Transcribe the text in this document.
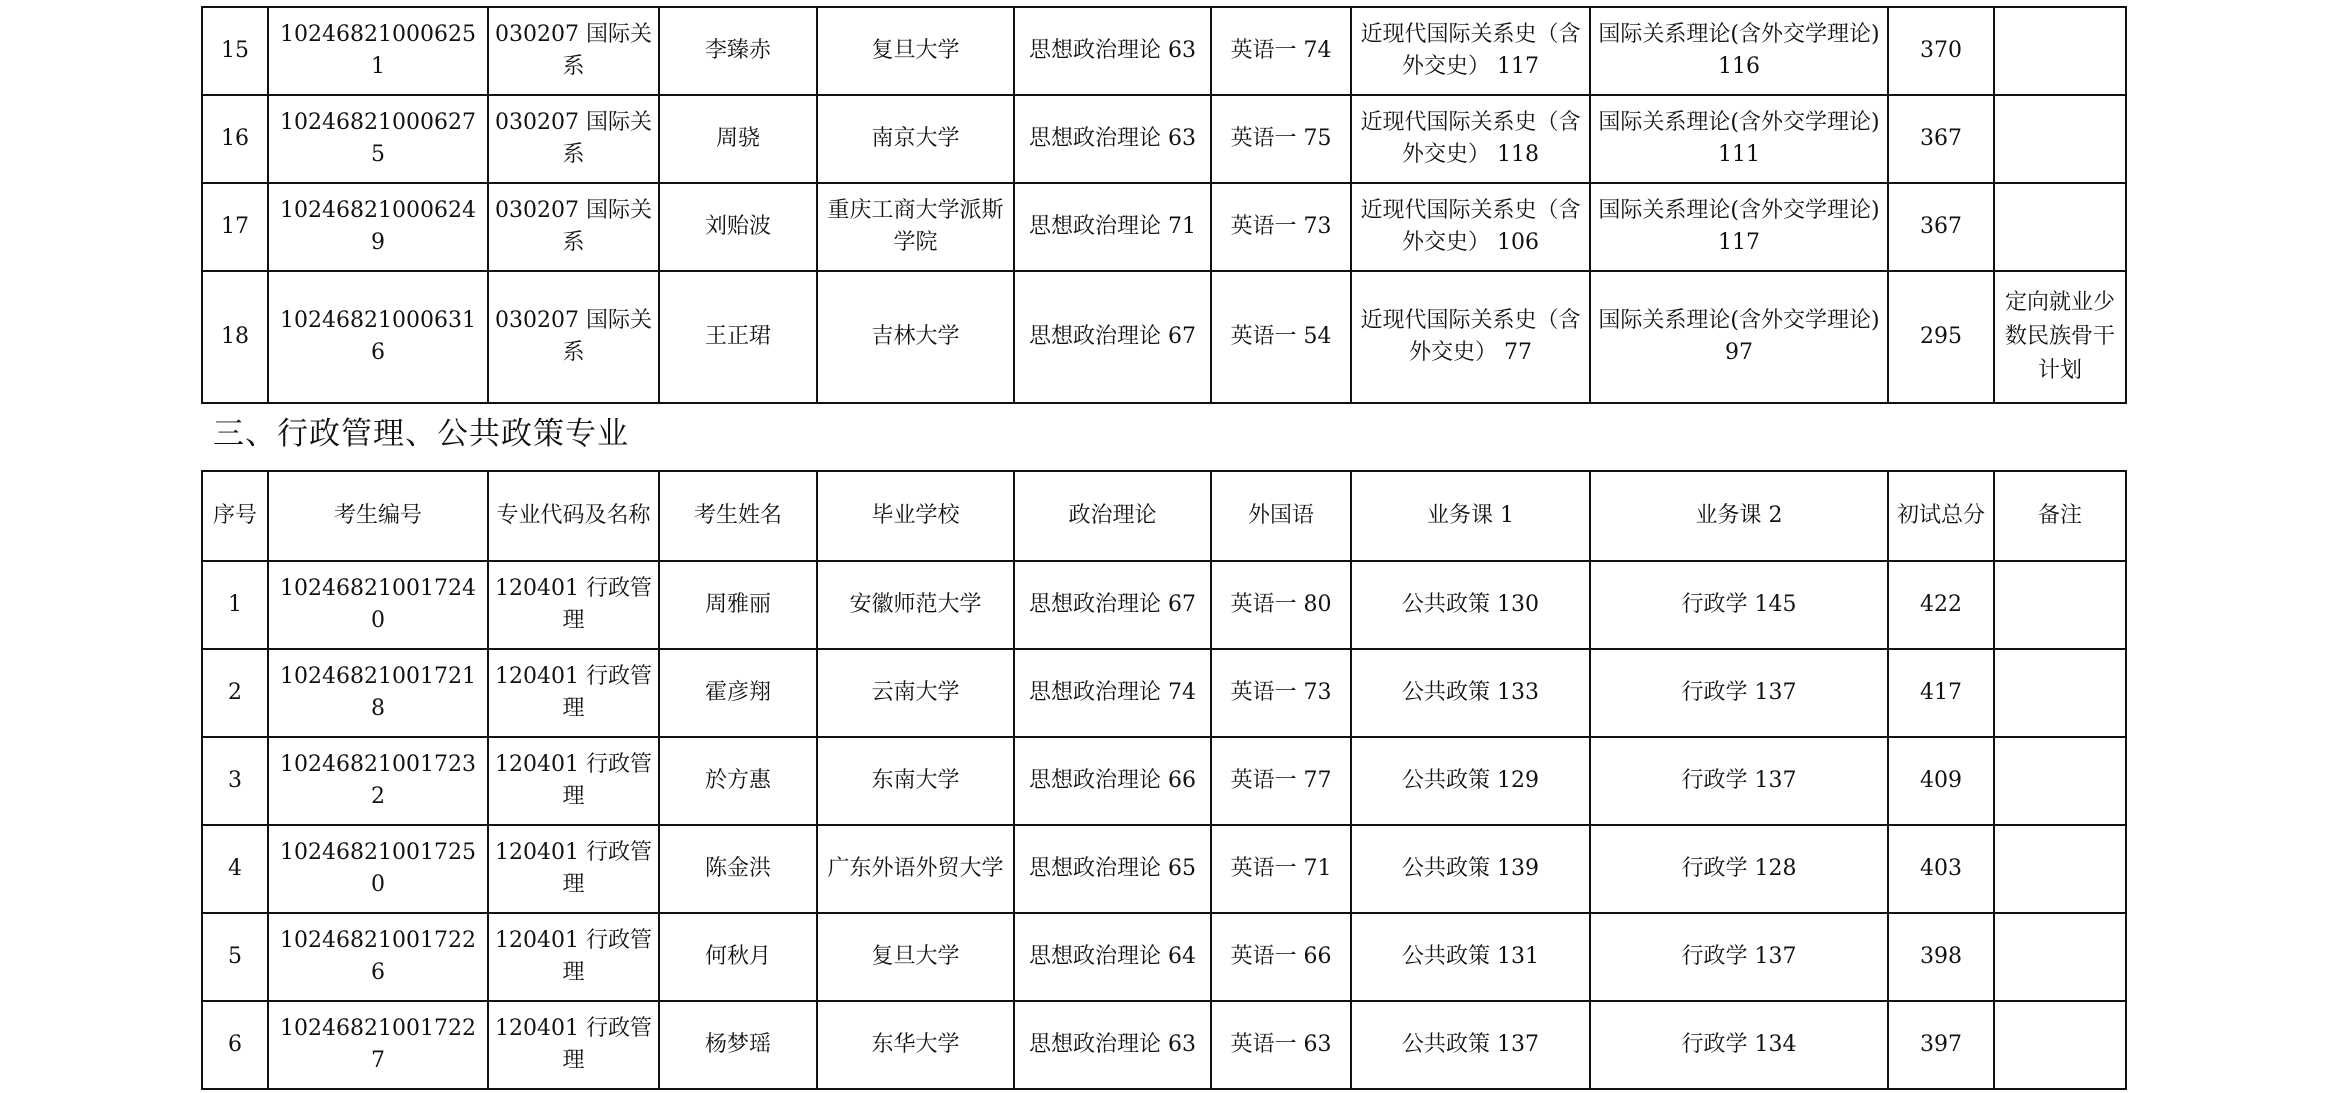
15	102468210006251	030207 国际关系	李臻赤	复旦大学	思想政治理论 63	英语一 74	近现代国际关系史（含外交史） 117	国际关系理论(含外交学理论) 116	370	
16	102468210006275	030207 国际关系	周骁	南京大学	思想政治理论 63	英语一 75	近现代国际关系史（含外交史） 118	国际关系理论(含外交学理论) 111	367	
17	102468210006249	030207 国际关系	刘贻波	重庆工商大学派斯学院	思想政治理论 71	英语一 73	近现代国际关系史（含外交史） 106	国际关系理论(含外交学理论) 117	367	
18	102468210006316	030207 国际关系	王正珺	吉林大学	思想政治理论 67	英语一 54	近现代国际关系史（含外交史） 77	国际关系理论(含外交学理论) 97	295	定向就业少数民族骨干计划
三、行政管理、公共政策专业
序号	考生编号	专业代码及名称	考生姓名	毕业学校	政治理论	外国语	业务课 1	业务课 2	初试总分	备注
1	102468210017240	120401 行政管理	周雅丽	安徽师范大学	思想政治理论 67	英语一 80	公共政策 130	行政学 145	422	
2	102468210017218	120401 行政管理	霍彦翔	云南大学	思想政治理论 74	英语一 73	公共政策 133	行政学 137	417	
3	102468210017232	120401 行政管理	於方惠	东南大学	思想政治理论 66	英语一 77	公共政策 129	行政学 137	409	
4	102468210017250	120401 行政管理	陈金洪	广东外语外贸大学	思想政治理论 65	英语一 71	公共政策 139	行政学 128	403	
5	102468210017226	120401 行政管理	何秋月	复旦大学	思想政治理论 64	英语一 66	公共政策 131	行政学 137	398	
6	102468210017227	120401 行政管理	杨梦瑶	东华大学	思想政治理论 63	英语一 63	公共政策 137	行政学 134	397	
